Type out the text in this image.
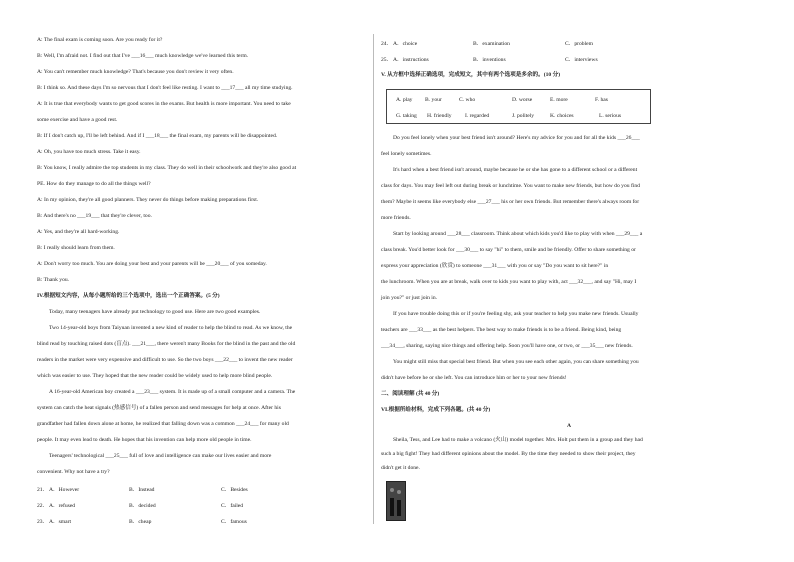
A: The final exam is coming soon. Are you ready for it?
B: Well, I'm afraid not. I find out that I've ___16___ much knowledge we've learned this term.
A: You can't remember much knowledge? That's because you don't review it very often.
B: I think so. And these days I'm so nervous that I don't feel like resting. I want to ___17___ all my time studying.
A: It is true that everybody wants to get good scores in the exams. But health is more important. You need to take
some exercise and have a good rest.
B: If I don't catch up, I'll be left behind. And if I ___18___ the final exam, my parents will be disappointed.
A: Oh, you have too much stress. Take it easy.
B: You know, I really admire the top students in my class. They do well in their schoolwork and they're also good at
PE. How do they manage to do all the things well?
A: In my opinion, they're all good planners. They never do things before making preparations first.
B: And there's no ___19___ that they're clever, too.
A: Yes, and they're all hard-working.
B: I really should learn from them.
A: Don't worry too much. You are doing your best and your parents will be ___20___ of you someday.
B: Thank you.
IV.根据短文内容，从每小题所给的三个选项中，选出一个正确答案。(5 分)
Today, many teenagers have already put technology to good use. Here are two good examples.
Two 14-year-old boys from Taiyuan invented a new kind of reader to help the blind to read. As we know, the
blind read by touching raised dots (盲点). ___21___, there weren't many Books for the blind in the past and the old
readers in the market were very expensive and difficult to use. So the two boys ___22___ to invent the new reader
which was easier to use. They hoped that the new reader could be widely used to help more blind people.
A 16-year-old American boy created a ___23___ system. It is made up of a small computer and a camera. The
system can catch the heat signals (热感信号) of a fallen person and send messages for help at once. After his
grandfather had fallen down alone at home, he realized that falling down was a common ___24___ for many old
people. It may even lead to death. He hopes that his invention can help more old people in time.
Teenagers' technological ___25___ full of love and intelligence can make our lives easier and more
convenient. Why not have a try?
21． A．However	B．Instead	C．Besides
22． A．refused	B．decided	C．failed
23． A．smart	B．cheap	C．famous
24． A．choice	B．examination	C．problem
25． A．instructions	B．inventions	C．interviews
V. 从方框中选择正确选项，完成短文，其中有两个选项是多余的。(10 分)
A. play B. your	C. who	D. worse	E. more	F. has
G. taking H. friendly I. regarded	J. politely	K. choices	L. serious
Do you feel lonely when your best friend isn't around? Here's my advice for you and for all the kids ___26___
feel lonely sometimes.
It's hard when a best friend isn't around, maybe because he or she has gone to a different school or a different
class for days. You may feel left out during break or lunchtime. You want to make new friends, but how do you find
them? Maybe it seems like everybody else ___27___ his or her own friends. But remember there's always room for
more friends.
Start by looking around ___28___ classroom. Think about which kids you'd like to play with when ___29___ a
class break. You'd better look for ___30___ to say "hi" to them, smile and be friendly. Offer to share something or
express your appreciation (欣赏) to someone ___31___ with you or say "Do you want to sit here?" in
the lunchroom. When you are at break, walk over to kids you want to play with, act ___32___, and say "Hi, may I
join you?" or just join in.
If you have trouble doing this or if you're feeling shy, ask your teacher to help you make new friends. Usually
teachers are ___33___ as the best helpers. The best way to make friends is to be a friend. Being kind, being
___34___, sharing, saying nice things and offering help. Soon you'll have one, or two, or ___35___ new friends.
You might still miss that special best friend. But when you see each other again, you can share something you
didn't have before he or she left. You can introduce him or her to your new friends!
二、阅读理解 (共 40 分)
VI.根据所给材料，完成下列各题。(共 40 分)
A
Sheila, Tess, and Lee had to make a volcano (火山) model together. Mrs. Holt put them in a group and they had
such a big fight! They had different opinions about the model. By the time they needed to show their project, they
didn't get it done.
